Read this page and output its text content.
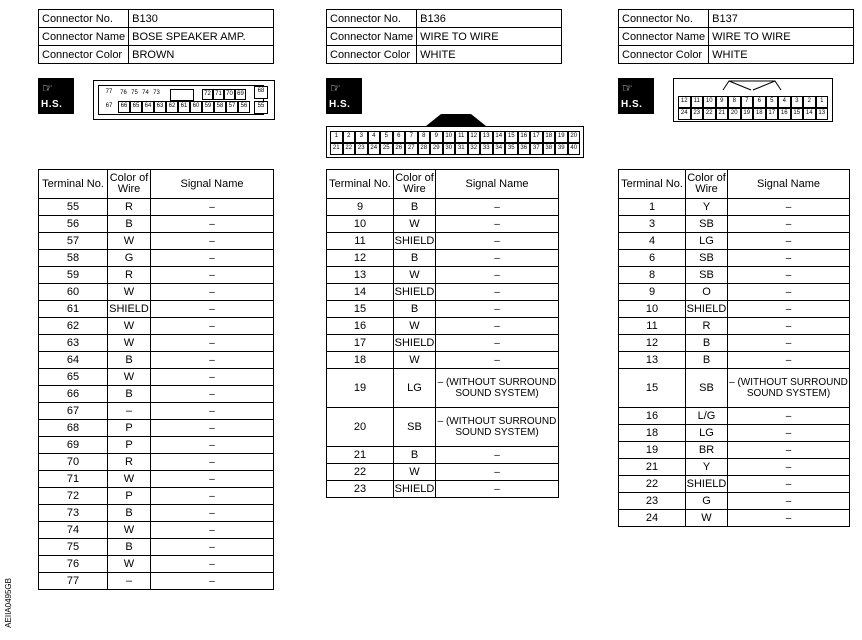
Connector No.	B130
Connector Name	BOSE SPEAKER AMP.
Connector Color	BROWN
☞
H.S.
77
67
76 75 74 73	72 71 70 69
66 65 64 63 62 61 60 59 58 57 56
68
55
Terminal No.	Color of Wire	Signal Name
55	R	–
56	B	–
57	W	–
58	G	–
59	R	–
60	W	–
61	SHIELD	–
62	W	–
63	W	–
64	B	–
65	W	–
66	B	–
67	–	–
68	P	–
69	P	–
70	R	–
71	W	–
72	P	–
73	B	–
74	W	–
75	B	–
76	W	–
77	–	–
Connector No.	B136
Connector Name	WIRE TO WIRE
Connector Color	WHITE
☞
H.S.
1	2	3	4	5	6	7	8	9	10	11	12 13 14 15 16 17 18 19 20
21 22 23 24 25 26 27 28 29 30 31 32 33 34 35 36 37 38 39 40
Terminal No.	Color of Wire	Signal Name
9	B	–
10	W	–
11	SHIELD	–
12	B	–
13	W	–
14	SHIELD	–
15	B	–
16	W	–
17	SHIELD	–
18	W	–
19	LG	– (WITHOUT SURROUND SOUND SYSTEM)
20	SB	– (WITHOUT SURROUND SOUND SYSTEM)
21	B	–
22	W	–
23	SHIELD	–
Connector No.	B137
Connector Name	WIRE TO WIRE
Connector Color	WHITE
☞
H.S.	12	11	10	9	8	7	6	5	4	3	2	1
24 23 22 21 20 19 18 17 16 15 14 13
Terminal No.	Color of Wire	Signal Name
1	Y	–
3	SB	–
4	LG	–
6	SB	–
8	SB	–
9	O	–
10	SHIELD	–
11	R	–
12	B	–
13	B	–
15	SB	– (WITHOUT SURROUND SOUND SYSTEM)
16	L/G	–
18	LG	–
19	BR	–
21	Y	–
22	SHIELD	–
23	G	–
24	W	–
AEIIA0495GB
